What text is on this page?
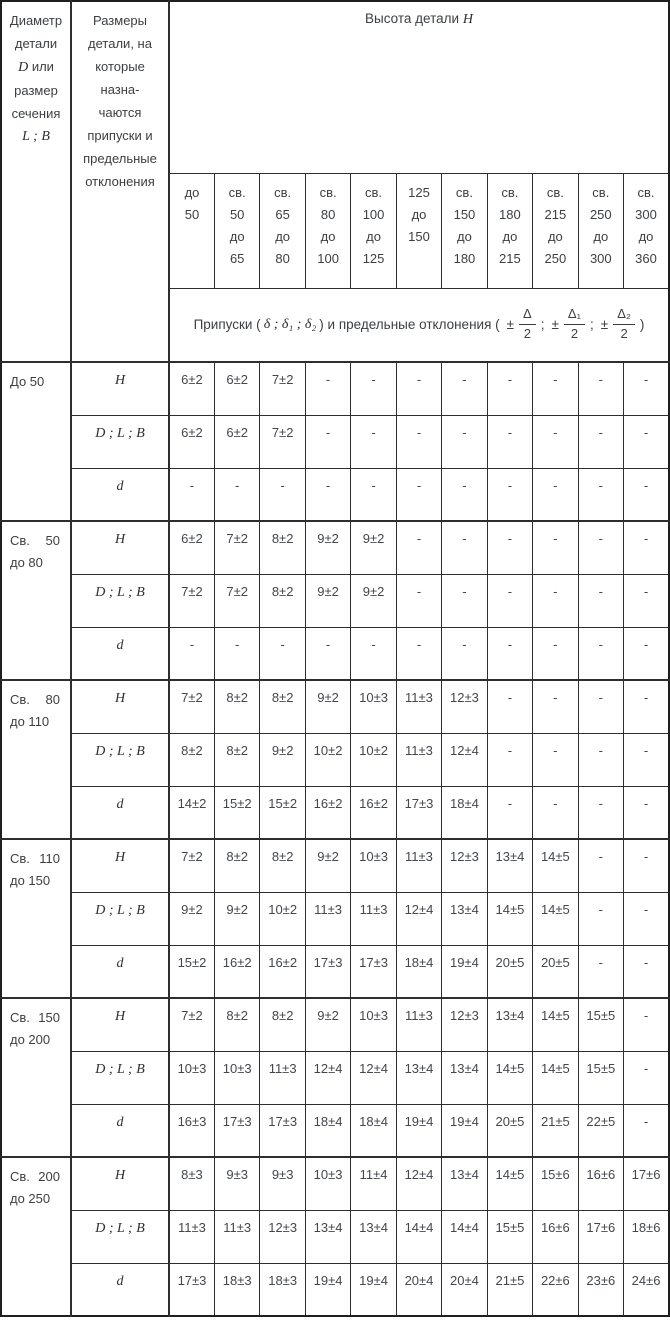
Диаметр
детали
D или
размер
сечения
L ; B

Размеры
детали, на
которые
назна-
чаются
припуски и
предельные
отклонения
	Высота детали H

до
50

св.
50
до
65

св.
65
до
80

св.
80
до
100

св.
100
до
125

125
до
150

св.
150
до
180

св.
180
до
215

св.
215
до
250

св.
250
до
300

св.
300
до
360

Припуски ( δ ; δ₁ ; δ₂ ) и предельные отклонения ( ± $\frac{\Delta}{2}$ ; ± $\frac{\text{Δ₁}}{2}$ ; ± $\frac{\text{Δ₂}}{2}$ )

До 50	H	6±2	6±2	7±2	-	-	-	-	-	-	-	-
	D ; L ; B	6±2	6±2	7±2	-	-	-	-	-	-	-	-
	d	-	-	-	-	-	-	-	-	-	-	-

Св. 50
до 80	H	6±2	7±2	8±2	9±2	9±2	-	-	-	-	-	-
	D ; L ; B	7±2	7±2	8±2	9±2	9±2	-	-	-	-	-	-
	d	-	-	-	-	-	-	-	-	-	-	-

Св. 80
до 110	H	7±2	8±2	8±2	9±2	10±3	11±3	12±3	-	-	-	-
	D ; L ; B	8±2	8±2	9±2	10±2	10±2	11±3	12±4	-	-	-	-
	d	14±2	15±2	15±2	16±2	16±2	17±3	18±4	-	-	-	-

Св. 110
до 150	H	7±2	8±2	8±2	9±2	10±3	11±3	12±3	13±4	14±5	-	-
	D ; L ; B	9±2	9±2	10±2	11±3	11±3	12±4	13±4	14±5	14±5	-	-
	d	15±2	16±2	16±2	17±3	17±3	18±4	19±4	20±5	20±5	-	-

Св. 150
до 200	H	7±2	8±2	8±2	9±2	10±3	11±3	12±3	13±4	14±5	15±5	-
	D ; L ; B	10±3	10±3	11±3	12±4	12±4	13±4	13±4	14±5	14±5	15±5	-
	d	16±3	17±3	17±3	18±4	18±4	19±4	19±4	20±5	21±5	22±5	-

Св. 200
до 250	H	8±3	9±3	9±3	10±3	11±4	12±4	13±4	14±5	15±6	16±6	17±6
	D ; L ; B	11±3	11±3	12±3	13±4	13±4	14±4	14±4	15±5	16±6	17±6	18±6
	d	17±3	18±3	18±3	19±4	19±4	20±4	20±4	21±5	22±6	23±6	24±6
